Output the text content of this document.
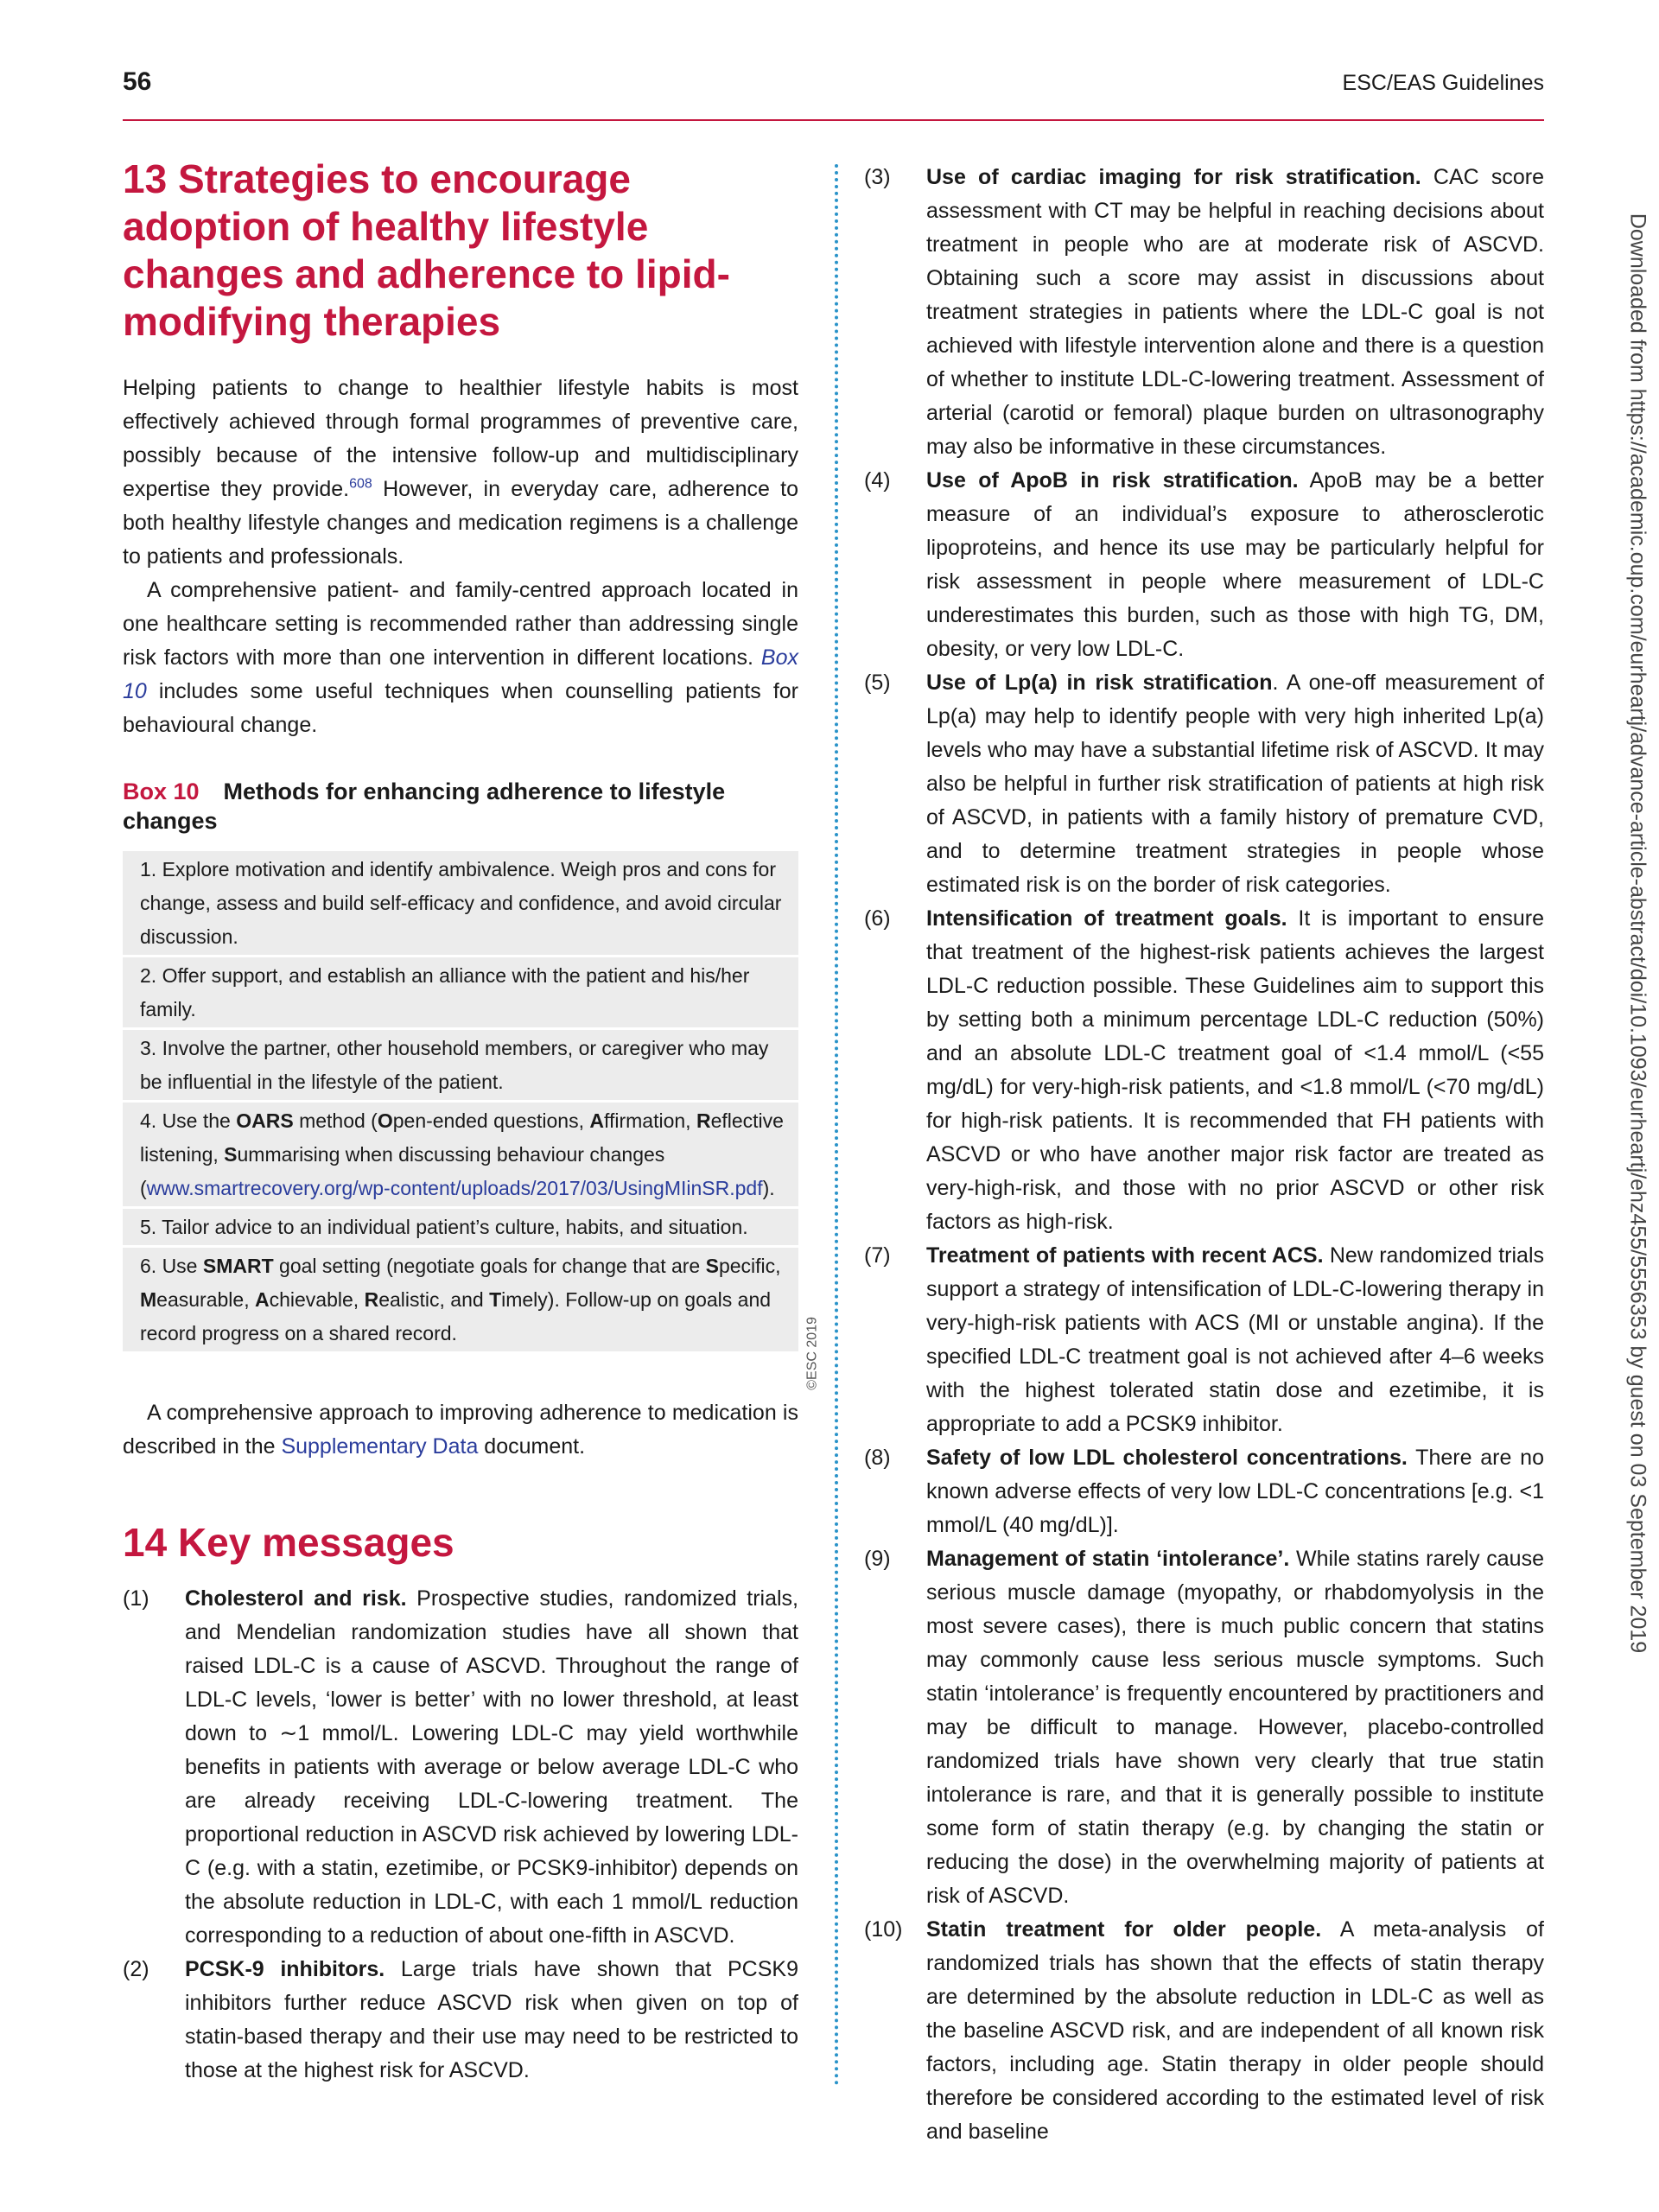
56	ESC/EAS Guidelines
Downloaded from https://academic.oup.com/eurheartj/advance-article-abstract/doi/10.1093/eurheartj/ehz455/5556353 by guest on 03 September 2019
13 Strategies to encourage adoption of healthy lifestyle changes and adherence to lipid-modifying therapies

Helping patients to change to healthier lifestyle habits is most effectively achieved through formal programmes of preventive care, possibly because of the intensive follow-up and multidisciplinary expertise they provide.$^{608}$ However, in everyday care, adherence to both healthy lifestyle changes and medication regimens is a challenge to patients and professionals.

A comprehensive patient- and family-centred approach located in one healthcare setting is recommended rather than addressing single risk factors with more than one intervention in different locations. Box 10 includes some useful techniques when counselling patients for behavioural change.

Box 10 Methods for enhancing adherence to lifestyle changes
1. Explore motivation and identify ambivalence. Weigh pros and cons for change, assess and build self-efficacy and confidence, and avoid circular discussion.
2. Offer support, and establish an alliance with the patient and his/her family.
3. Involve the partner, other household members, or caregiver who may be influential in the lifestyle of the patient.
4. Use the OARS method (Open-ended questions, Affirmation, Reflective listening, Summarising when discussing behaviour changes (www.smartrecovery.org/wp-content/uploads/2017/03/UsingMIinSR.pdf).
5. Tailor advice to an individual patient’s culture, habits, and situation.
6. Use SMART goal setting (negotiate goals for change that are Specific, Measurable, Achievable, Realistic, and Timely). Follow-up on goals and record progress on a shared record.	©ESC 2019

A comprehensive approach to improving adherence to medication is described in the Supplementary Data document.

14 Key messages
(1)	Cholesterol and risk. Prospective studies, randomized trials, and Mendelian randomization studies have all shown that raised LDL-C is a cause of ASCVD. Throughout the range of LDL-C levels, ‘lower is better’ with no lower threshold, at least down to ∼1 mmol/L. Lowering LDL-C may yield worthwhile benefits in patients with average or below average LDL-C who are already receiving LDL-C-lowering treatment. The proportional reduction in ASCVD risk achieved by lowering LDL-C (e.g. with a statin, ezetimibe, or PCSK9-inhibitor) depends on the absolute reduction in LDL-C, with each 1 mmol/L reduction corresponding to a reduction of about one-fifth in ASCVD.
(2)	PCSK-9 inhibitors. Large trials have shown that PCSK9 inhibitors further reduce ASCVD risk when given on top of statin-based therapy and their use may need to be restricted to those at the highest risk for ASCVD.
(3)	Use of cardiac imaging for risk stratification. CAC score assessment with CT may be helpful in reaching decisions about treatment in people who are at moderate risk of ASCVD. Obtaining such a score may assist in discussions about treatment strategies in patients where the LDL-C goal is not achieved with lifestyle intervention alone and there is a question of whether to institute LDL-C-lowering treatment. Assessment of arterial (carotid or femoral) plaque burden on ultrasonography may also be informative in these circumstances.
(4)	Use of ApoB in risk stratification. ApoB may be a better measure of an individual’s exposure to atherosclerotic lipoproteins, and hence its use may be particularly helpful for risk assessment in people where measurement of LDL-C underestimates this burden, such as those with high TG, DM, obesity, or very low LDL-C.
(5)	Use of Lp(a) in risk stratification. A one-off measurement of Lp(a) may help to identify people with very high inherited Lp(a) levels who may have a substantial lifetime risk of ASCVD. It may also be helpful in further risk stratification of patients at high risk of ASCVD, in patients with a family history of premature CVD, and to determine treatment strategies in people whose estimated risk is on the border of risk categories.
(6)	Intensification of treatment goals. It is important to ensure that treatment of the highest-risk patients achieves the largest LDL-C reduction possible. These Guidelines aim to support this by setting both a minimum percentage LDL-C reduction (50%) and an absolute LDL-C treatment goal of <1.4 mmol/L (<55 mg/dL) for very-high-risk patients, and <1.8 mmol/L (<70 mg/dL) for high-risk patients. It is recommended that FH patients with ASCVD or who have another major risk factor are treated as very-high-risk, and those with no prior ASCVD or other risk factors as high-risk.
(7)	Treatment of patients with recent ACS. New randomized trials support a strategy of intensification of LDL-C-lowering therapy in very-high-risk patients with ACS (MI or unstable angina). If the specified LDL-C treatment goal is not achieved after 4–6 weeks with the highest tolerated statin dose and ezetimibe, it is appropriate to add a PCSK9 inhibitor.
(8)	Safety of low LDL cholesterol concentrations. There are no known adverse effects of very low LDL-C concentrations [e.g. <1 mmol/L (40 mg/dL)].
(9)	Management of statin ‘intolerance’. While statins rarely cause serious muscle damage (myopathy, or rhabdomyolysis in the most severe cases), there is much public concern that statins may commonly cause less serious muscle symptoms. Such statin ‘intolerance’ is frequently encountered by practitioners and may be difficult to manage. However, placebo-controlled randomized trials have shown very clearly that true statin intolerance is rare, and that it is generally possible to institute some form of statin therapy (e.g. by changing the statin or reducing the dose) in the overwhelming majority of patients at risk of ASCVD.
(10)	Statin treatment for older people. A meta-analysis of randomized trials has shown that the effects of statin therapy are determined by the absolute reduction in LDL-C as well as the baseline ASCVD risk, and are independent of all known risk factors, including age. Statin therapy in older people should therefore be considered according to the estimated level of risk and baseline
